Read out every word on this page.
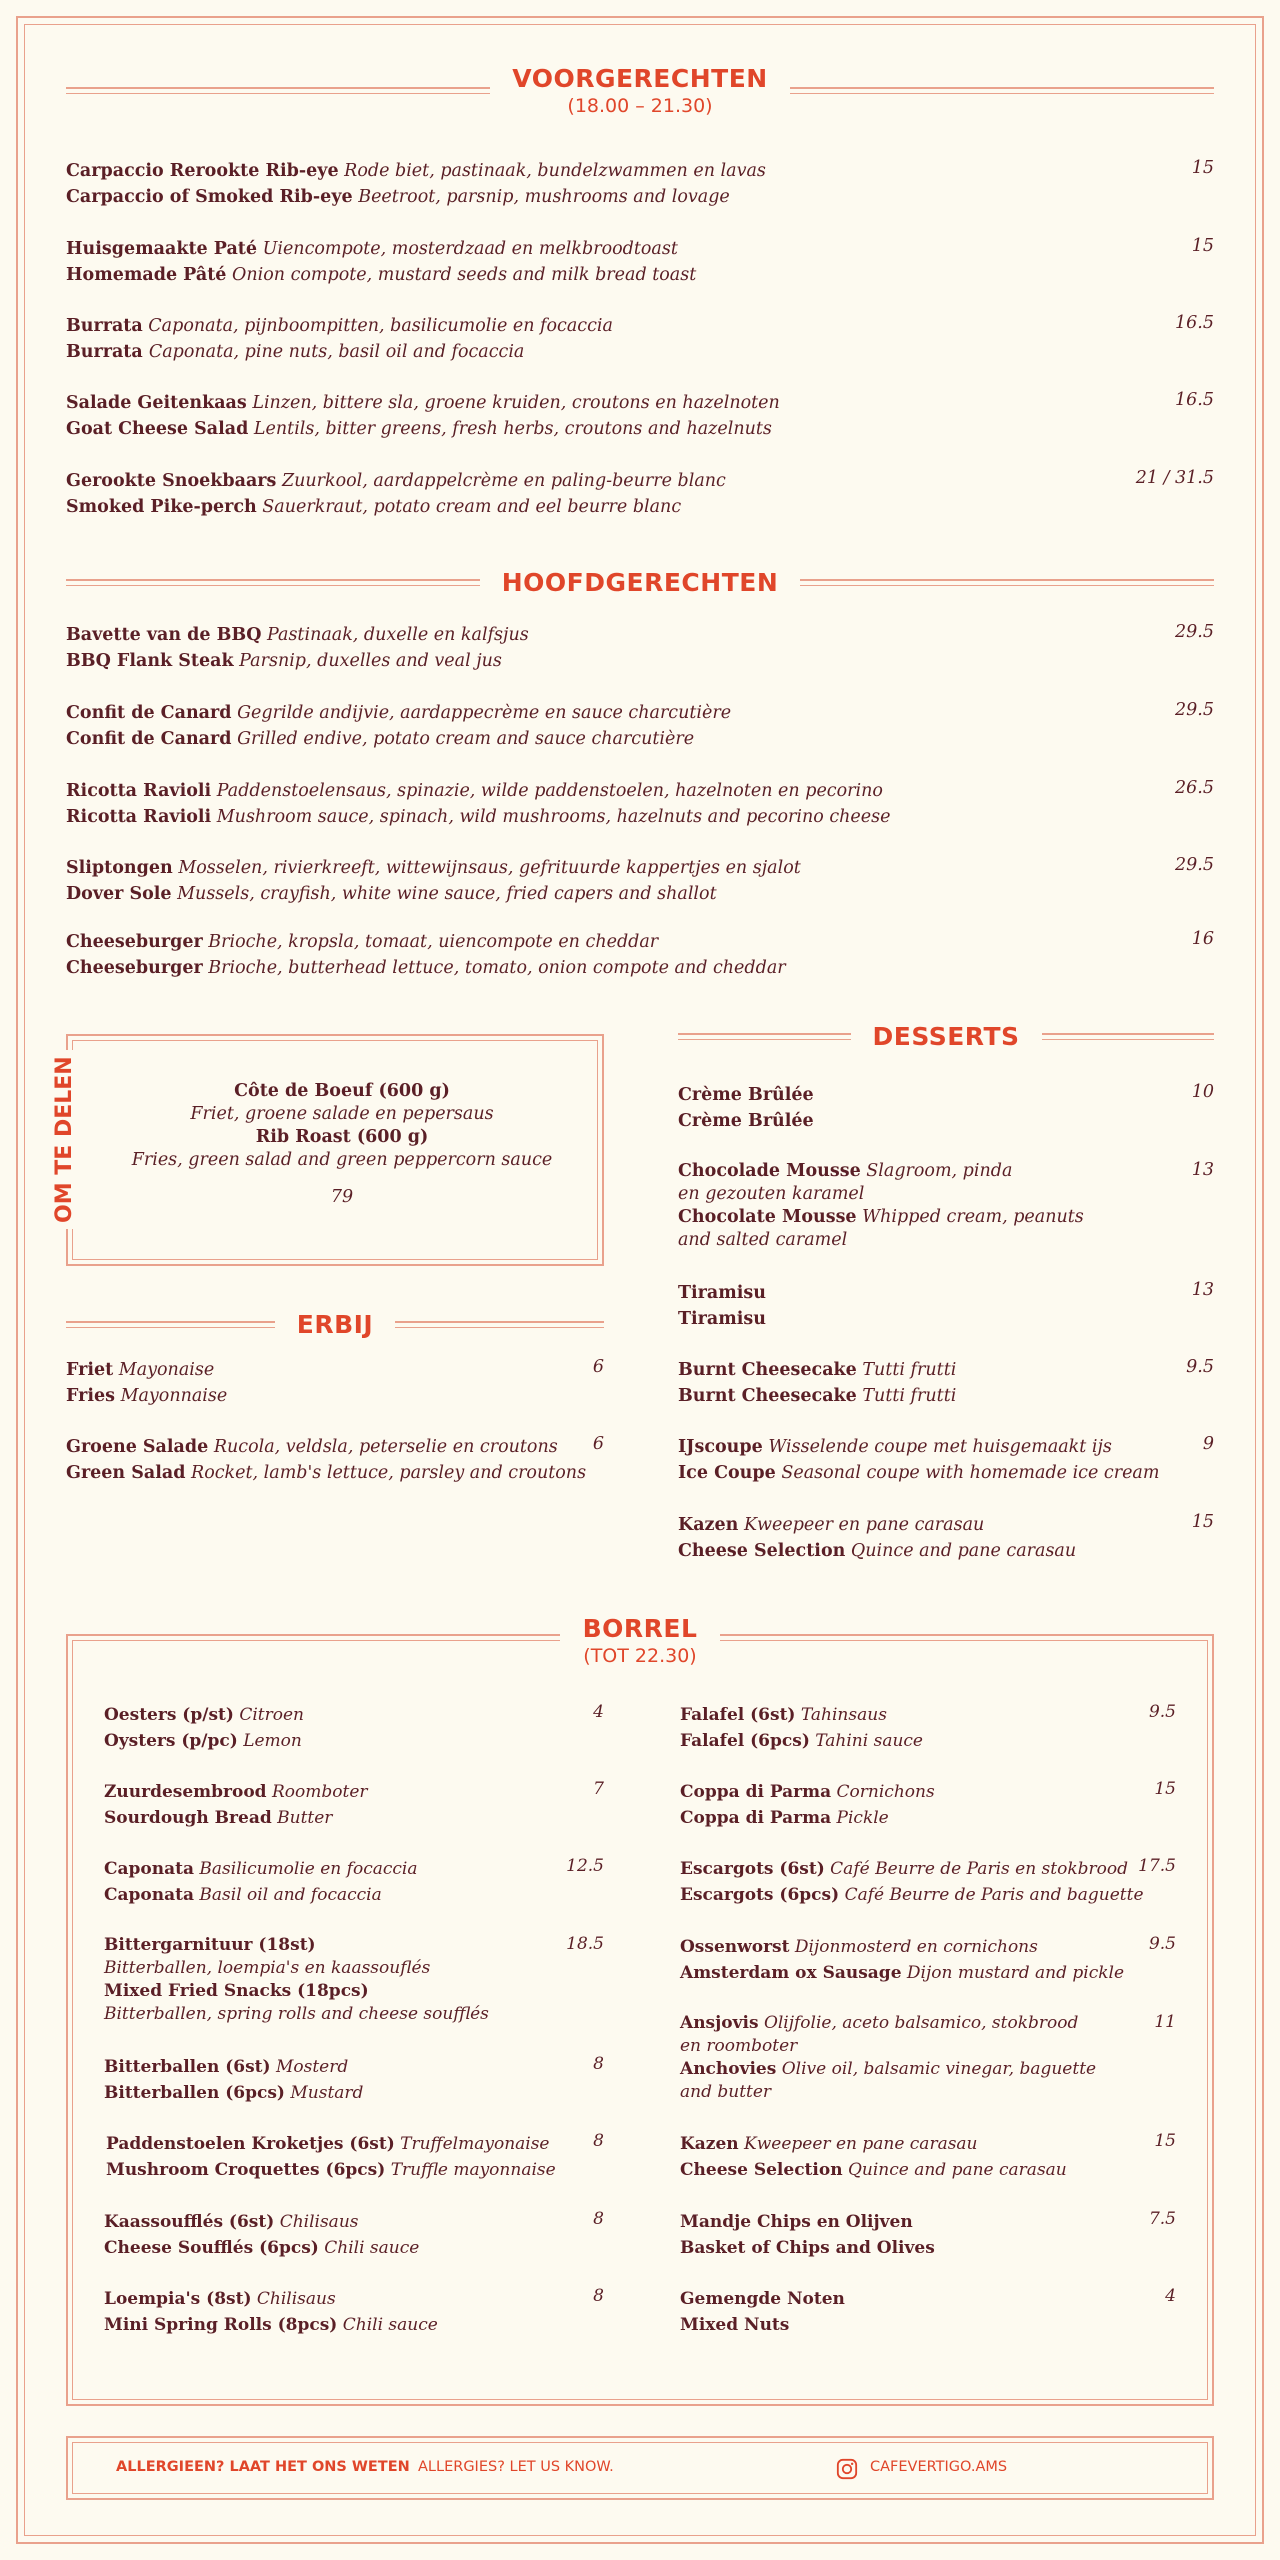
VOORGERECHTEN
(18.00 – 21.30)
Carpaccio Rerookte Rib-eye Rode biet, pastinaak, bundelzwammen en lavas
Carpaccio of Smoked Rib-eye Beetroot, parsnip, mushrooms and lovage
15
Huisgemaakte Paté Uiencompote, mosterdzaad en melkbroodtoast
Homemade Pâté Onion compote, mustard seeds and milk bread toast
15
Burrata Caponata, pijnboompitten, basilicumolie en focaccia
Burrata Caponata, pine nuts, basil oil and focaccia
16.5
Salade Geitenkaas Linzen, bittere sla, groene kruiden, croutons en hazelnoten
Goat Cheese Salad Lentils, bitter greens, fresh herbs, croutons and hazelnuts
16.5
Gerookte Snoekbaars Zuurkool, aardappelcrème en paling-beurre blanc
Smoked Pike-perch Sauerkraut, potato cream and eel beurre blanc
21 / 31.5
HOOFDGERECHTEN
Bavette van de BBQ Pastinaak, duxelle en kalfsjus
BBQ Flank Steak Parsnip, duxelles and veal jus
29.5
Confit de Canard Gegrilde andijvie, aardappecrème en sauce charcutière
Confit de Canard Grilled endive, potato cream and sauce charcutière
29.5
Ricotta Ravioli Paddenstoelensaus, spinazie, wilde paddenstoelen, hazelnoten en pecorino
Ricotta Ravioli Mushroom sauce, spinach, wild mushrooms, hazelnuts and pecorino cheese
26.5
Sliptongen Mosselen, rivierkreeft, wittewijnsaus, gefrituurde kappertjes en sjalot
Dover Sole Mussels, crayfish, white wine sauce, fried capers and shallot
29.5
Cheeseburger Brioche, kropsla, tomaat, uiencompote en cheddar
Cheeseburger Brioche, butterhead lettuce, tomato, onion compote and cheddar
16
OM TE DELEN	Côte de Boeuf (600 g)
Friet, groene salade en pepersaus
Rib Roast (600 g)
Fries, green salad and green peppercorn sauce
79
ERBIJ
Friet Mayonaise
Fries Mayonnaise
6
Groene Salade Rucola, veldsla, peterselie en croutons
Green Salad Rocket, lamb's lettuce, parsley and croutons
6
DESSERTS
Crème Brûlée
Crème Brûlée
10
Chocolade Mousse Slagroom, pinda
en gezouten karamel
Chocolate Mousse Whipped cream, peanuts
and salted caramel
13
Tiramisu
Tiramisu
13
Burnt Cheesecake Tutti frutti
Burnt Cheesecake Tutti frutti
9.5
IJscoupe Wisselende coupe met huisgemaakt ijs
Ice Coupe Seasonal coupe with homemade ice cream
9
Kazen Kweepeer en pane carasau
Cheese Selection Quince and pane carasau
15
BORREL
(TOT 22.30)
Oesters (p/st) Citroen
Oysters (p/pc) Lemon
4
Zuurdesembrood Roomboter
Sourdough Bread Butter
7
Caponata Basilicumolie en focaccia
Caponata Basil oil and focaccia
12.5
Bittergarnituur (18st)
Bitterballen, loempia's en kaassouflés
Mixed Fried Snacks (18pcs)
Bitterballen, spring rolls and cheese soufflés
18.5
Bitterballen (6st) Mosterd
Bitterballen (6pcs) Mustard
8
Paddenstoelen Kroketjes (6st) Truffelmayonaise
Mushroom Croquettes (6pcs) Truffle mayonnaise
8
Kaassoufflés (6st) Chilisaus
Cheese Soufflés (6pcs) Chili sauce
8
Loempia's (8st) Chilisaus
Mini Spring Rolls (8pcs) Chili sauce
8
Falafel (6st) Tahinsaus
Falafel (6pcs) Tahini sauce
9.5
Coppa di Parma Cornichons
Coppa di Parma Pickle
15
Escargots (6st) Café Beurre de Paris en stokbrood
Escargots (6pcs) Café Beurre de Paris and baguette
17.5
Ossenworst Dijonmosterd en cornichons
Amsterdam ox Sausage Dijon mustard and pickle
9.5
Ansjovis Olijfolie, aceto balsamico, stokbrood
en roomboter
Anchovies Olive oil, balsamic vinegar, baguette
and butter
11
Kazen Kweepeer en pane carasau
Cheese Selection Quince and pane carasau
15
Mandje Chips en Olijven
Basket of Chips and Olives
7.5
Gemengde Noten
Mixed Nuts
4
ALLERGIEEN? LAAT HET ONS WETEN ALLERGIES? LET US KNOW.	CAFEVERTIGO.AMS
